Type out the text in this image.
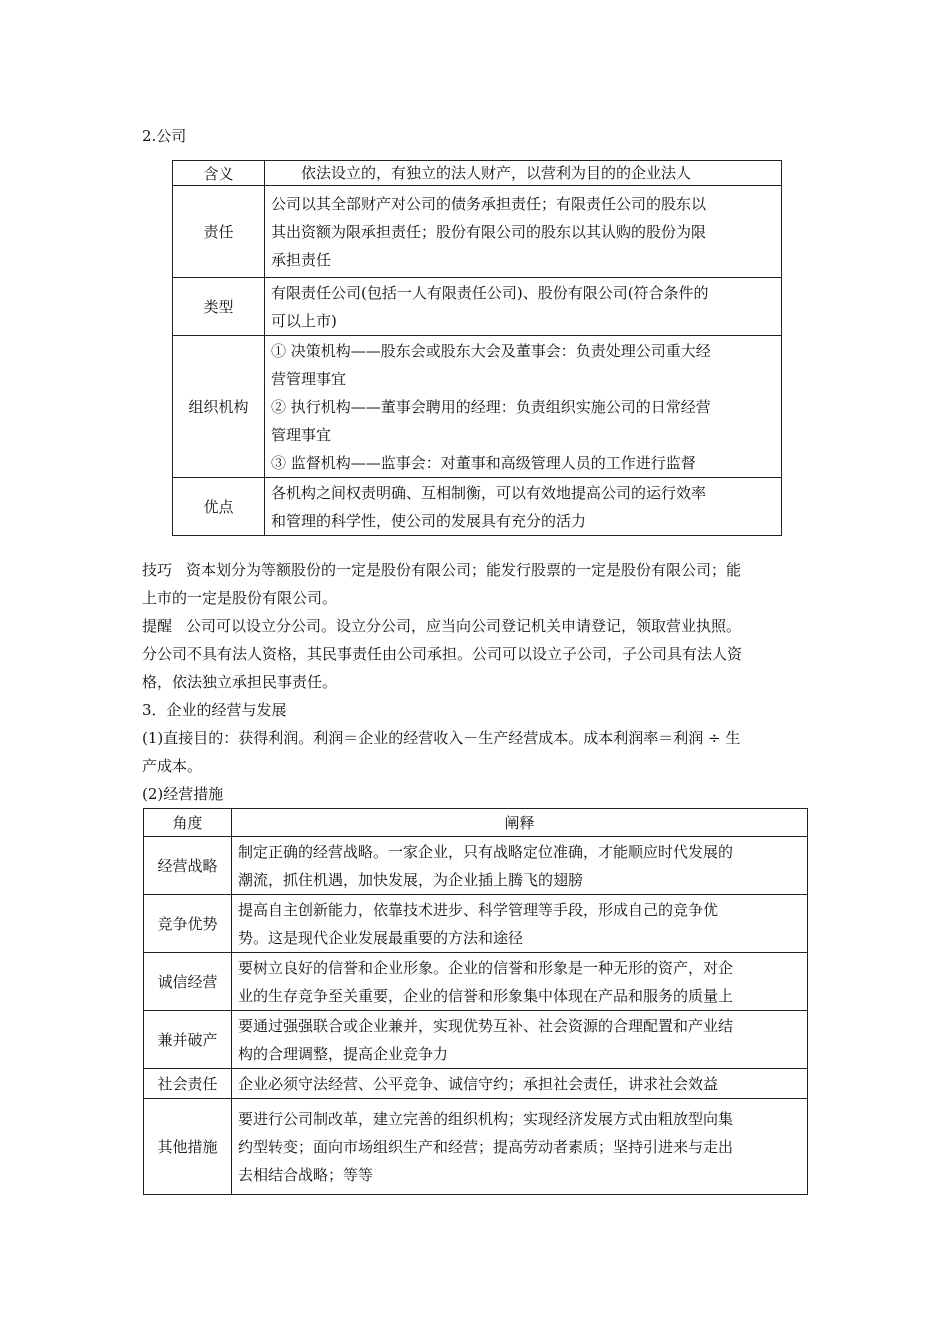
2.公司
含义	　　依法设立的，有独立的法人财产，以营利为目的的企业法人

责任	公司以其全部财产对公司的债务承担责任；有限责任公司的股东以
其出资额为限承担责任；股份有限公司的股东以其认购的股份为限
承担责任

类型	有限责任公司(包括一人有限责任公司)、股份有限公司(符合条件的
可以上市)

组织机构	① 决策机构——股东会或股东大会及董事会：负责处理公司重大经
营管理事宜
② 执行机构——董事会聘用的经理：负责组织实施公司的日常经营
管理事宜
③ 监督机构——监事会：对董事和高级管理人员的工作进行监督

优点	各机构之间权责明确、互相制衡，可以有效地提高公司的运行效率
和管理的科学性，使公司的发展具有充分的活力
技巧 资本划分为等额股份的一定是股份有限公司；能发行股票的一定是股份有限公司；能
上市的一定是股份有限公司。
提醒 公司可以设立分公司。设立分公司，应当向公司登记机关申请登记，领取营业执照。
分公司不具有法人资格，其民事责任由公司承担。公司可以设立子公司，子公司具有法人资
格，依法独立承担民事责任。
3．企业的经营与发展
(1)直接目的：获得利润。利润＝企业的经营收入－生产经营成本。成本利润率＝利润 ÷ 生
产成本。
(2)经营措施
角度	阐释
经营战略	制定正确的经营战略。一家企业，只有战略定位准确，才能顺应时代发展的
潮流，抓住机遇，加快发展，为企业插上腾飞的翅膀

竞争优势	提高自主创新能力，依靠技术进步、科学管理等手段，形成自己的竞争优
势。这是现代企业发展最重要的方法和途径

诚信经营	要树立良好的信誉和企业形象。企业的信誉和形象是一种无形的资产，对企
业的生存竞争至关重要，企业的信誉和形象集中体现在产品和服务的质量上

兼并破产	要通过强强联合或企业兼并，实现优势互补、社会资源的合理配置和产业结
构的合理调整，提高企业竞争力

社会责任	企业必须守法经营、公平竞争、诚信守约；承担社会责任，讲求社会效益

其他措施	要进行公司制改革，建立完善的组织机构；实现经济发展方式由粗放型向集
约型转变；面向市场组织生产和经营；提高劳动者素质；坚持引进来与走出
去相结合战略；等等
